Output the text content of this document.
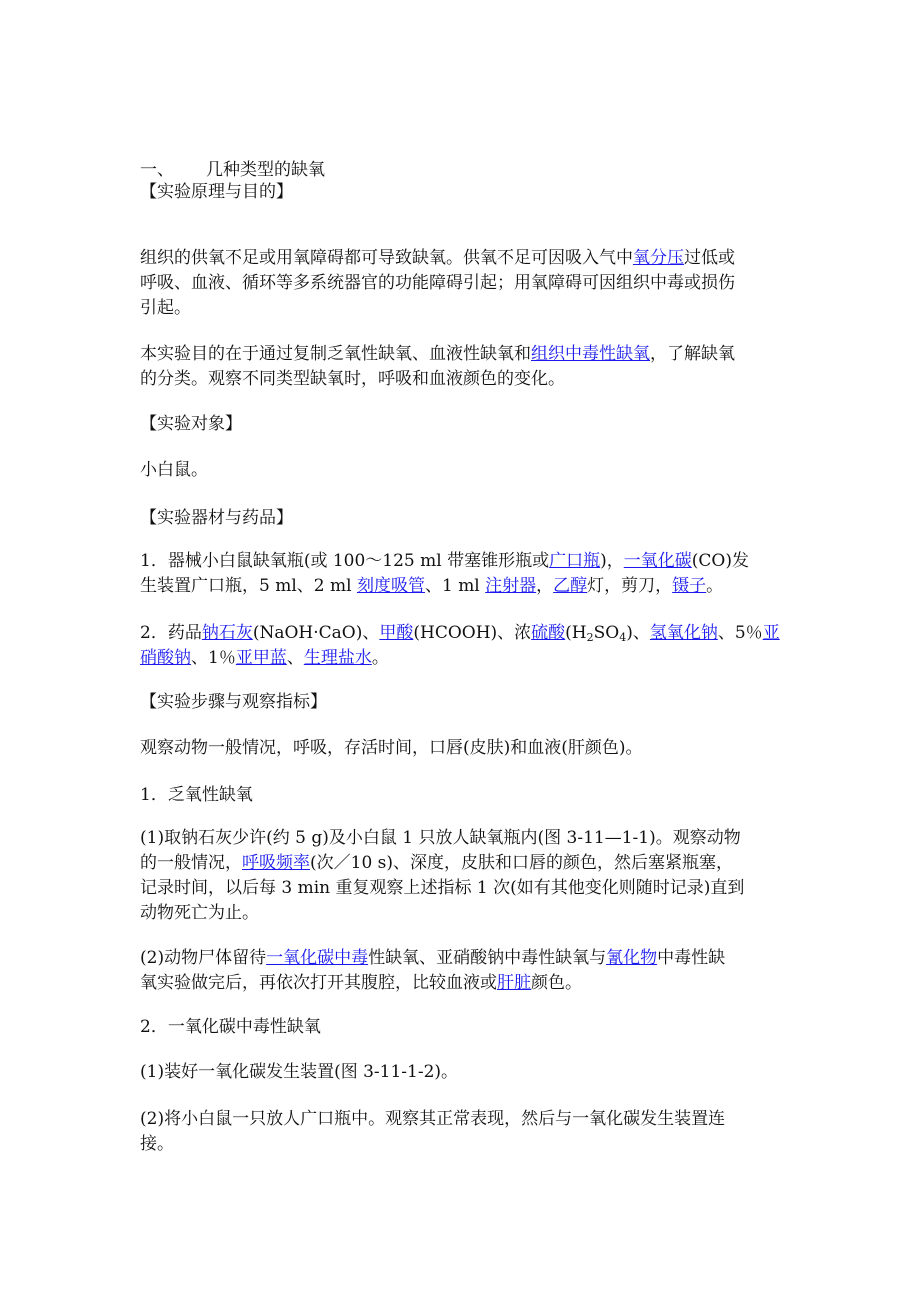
一、 几种类型的缺氧

【实验原理与目的】

组织的供氧不足或用氧障碍都可导致缺氧。供氧不足可因吸入气中氧分压过低或
呼吸、血液、循环等多系统器官的功能障碍引起；用氧障碍可因组织中毒或损伤
引起。
本实验目的在于通过复制乏氧性缺氧、血液性缺氧和组织中毒性缺氧，了解缺氧
的分类。观察不同类型缺氧时，呼吸和血液颜色的变化。

【实验对象】

小白鼠。

【实验器材与药品】

1．器械小白鼠缺氧瓶(或 100～125 ml 带塞锥形瓶或广口瓶)，一氧化碳(CO)发
生装置广口瓶，5 ml、2 ml 刻度吸管、1 ml 注射器，乙醇灯，剪刀，镊子。
2．药品钠石灰(NaOH·CaO)、甲酸(HCOOH)、浓硫酸$(H_2SO_4)$、氢氧化钠、5％亚
硝酸钠、1％亚甲蓝、生理盐水。

【实验步骤与观察指标】

观察动物一般情况，呼吸，存活时间，口唇(皮肤)和血液(肝颜色)。

1．乏氧性缺氧

(1)取钠石灰少许(约 5 g)及小白鼠 1 只放人缺氧瓶内(图 3-11—1-1)。观察动物
的一般情况，呼吸频率(次／10 s)、深度，皮肤和口唇的颜色，然后塞紧瓶塞，
记录时间，以后每 3 min 重复观察上述指标 1 次(如有其他变化则随时记录)直到
动物死亡为止。
(2)动物尸体留待一氧化碳中毒性缺氧、亚硝酸钠中毒性缺氧与氰化物中毒性缺
氧实验做完后，再依次打开其腹腔，比较血液或肝脏颜色。

2．一氧化碳中毒性缺氧

(1)装好一氧化碳发生装置(图 3-11-1-2)。

(2)将小白鼠一只放人广口瓶中。观察其正常表现，然后与一氧化碳发生装置连
接。
